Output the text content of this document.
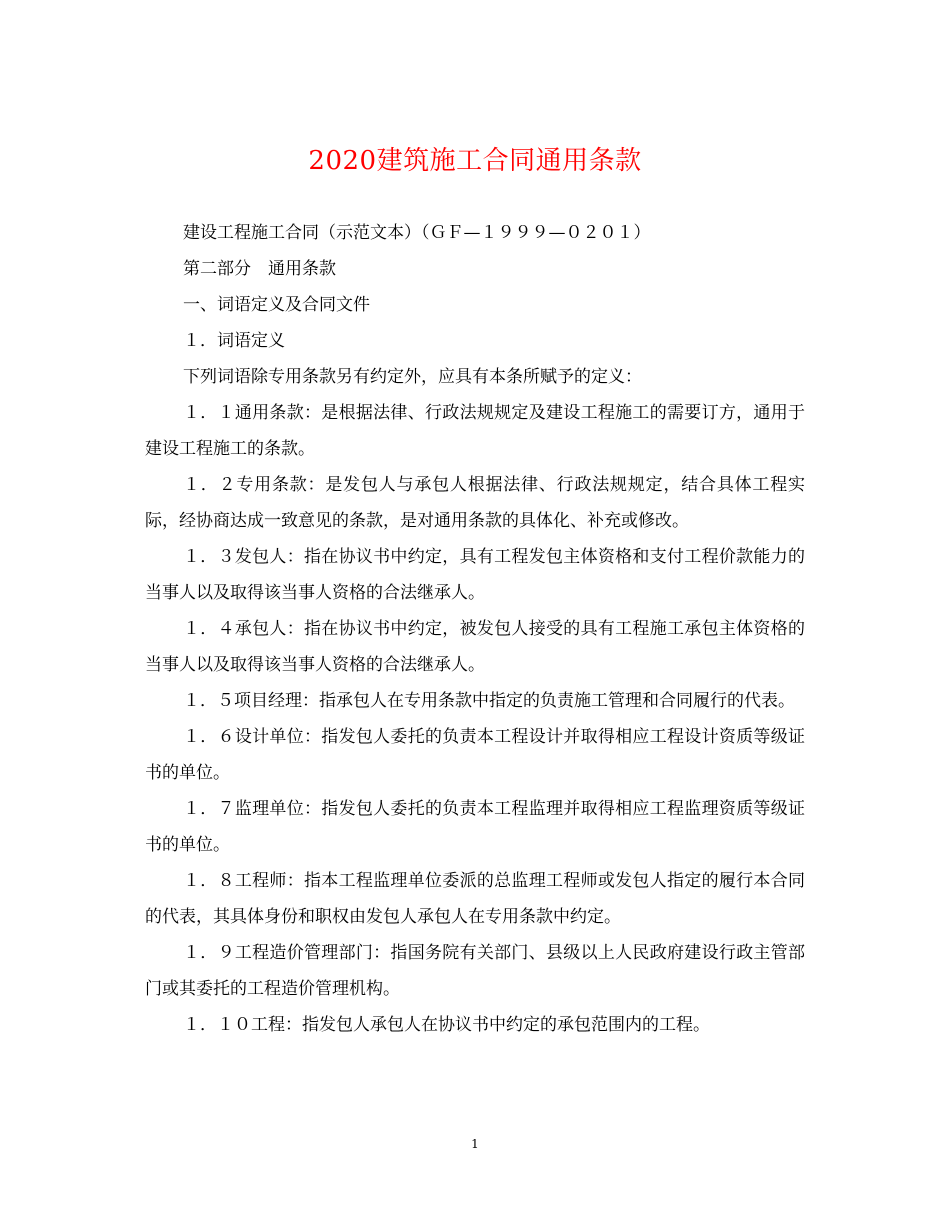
2020建筑施工合同通用条款

建设工程施工合同（示范文本）（ＧＦ—１９９９—０２０１）

第二部分　通用条款

一、词语定义及合同文件

１．词语定义

下列词语除专用条款另有约定外，应具有本条所赋予的定义：

１．１通用条款：是根据法律、行政法规规定及建设工程施工的需要订方，通用于建设工程施工的条款。

１．２专用条款：是发包人与承包人根据法律、行政法规规定，结合具体工程实际，经协商达成一致意见的条款，是对通用条款的具体化、补充或修改。

１．３发包人：指在协议书中约定，具有工程发包主体资格和支付工程价款能力的当事人以及取得该当事人资格的合法继承人。

１．４承包人：指在协议书中约定，被发包人接受的具有工程施工承包主体资格的当事人以及取得该当事人资格的合法继承人。

１．５项目经理：指承包人在专用条款中指定的负责施工管理和合同履行的代表。

１．６设计单位：指发包人委托的负责本工程设计并取得相应工程设计资质等级证书的单位。

１．７监理单位：指发包人委托的负责本工程监理并取得相应工程监理资质等级证书的单位。

１．８工程师：指本工程监理单位委派的总监理工程师或发包人指定的履行本合同的代表，其具体身份和职权由发包人承包人在专用条款中约定。

１．９工程造价管理部门：指国务院有关部门、县级以上人民政府建设行政主管部门或其委托的工程造价管理机构。

１．１０工程：指发包人承包人在协议书中约定的承包范围内的工程。

1
